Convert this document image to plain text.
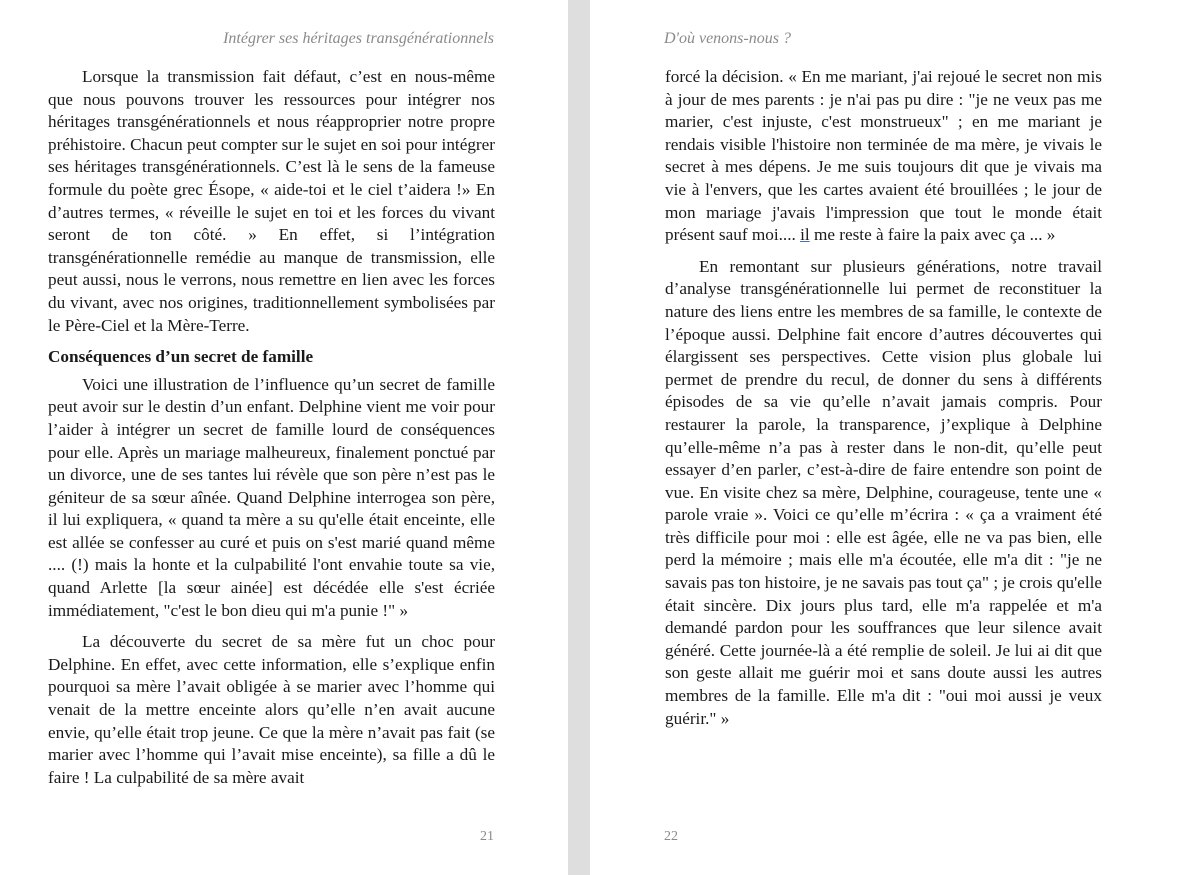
Intégrer ses héritages transgénérationnels

Lorsque la transmission fait défaut, c’est en nous-même que nous pouvons trouver les ressources pour intégrer nos héritages transgénérationnels et nous réapproprier notre propre préhistoire. Chacun peut compter sur le sujet en soi pour intégrer ses héritages transgénérationnels. C’est là le sens de la fameuse formule du poète grec Ésope, « aide-toi et le ciel t’aidera !» En d’autres termes, « réveille le sujet en toi et les forces du vivant seront de ton côté. » En effet, si l’intégration transgénérationnelle remédie au manque de transmission, elle peut aussi, nous le verrons, nous remettre en lien avec les forces du vivant, avec nos origines, traditionnellement symbolisées par le Père-Ciel et la Mère-Terre.

Conséquences d’un secret de famille

Voici une illustration de l’influence qu’un secret de famille peut avoir sur le destin d’un enfant. Delphine vient me voir pour l’aider à intégrer un secret de famille lourd de conséquences pour elle. Après un mariage malheureux, finalement ponctué par un divorce, une de ses tantes lui révèle que son père n’est pas le géniteur de sa sœur aînée. Quand Delphine interrogea son père, il lui expliquera, « quand ta mère a su qu'elle était enceinte, elle est allée se confesser au curé et puis on s'est marié quand même .... (!) mais la honte et la culpabilité l'ont envahie toute sa vie, quand Arlette [la sœur ainée] est décédée elle s'est écriée immédiatement, "c'est le bon dieu qui m'a punie !" »

La découverte du secret de sa mère fut un choc pour Delphine. En effet, avec cette information, elle s’explique enfin pourquoi sa mère l’avait obligée à se marier avec l’homme qui venait de la mettre enceinte alors qu’elle n’en avait aucune envie, qu’elle était trop jeune. Ce que la mère n’avait pas fait (se marier avec l’homme qui l’avait mise enceinte), sa fille a dû le faire ! La culpabilité de sa mère avait

21
D'où venons-nous ?

forcé la décision. « En me mariant, j'ai rejoué le secret non mis à jour de mes parents : je n'ai pas pu dire : "je ne veux pas me marier, c'est injuste, c'est monstrueux" ; en me mariant je rendais visible l'histoire non terminée de ma mère, je vivais le secret à mes dépens. Je me suis toujours dit que je vivais ma vie à l'envers, que les cartes avaient été brouillées ; le jour de mon mariage j'avais l'impression que tout le monde était présent sauf moi.... il me reste à faire la paix avec ça ... »

En remontant sur plusieurs générations, notre travail d’analyse transgénérationnelle lui permet de reconstituer la nature des liens entre les membres de sa famille, le contexte de l’époque aussi. Delphine fait encore d’autres découvertes qui élargissent ses perspectives. Cette vision plus globale lui permet de prendre du recul, de donner du sens à différents épisodes de sa vie qu’elle n’avait jamais compris. Pour restaurer la parole, la transparence, j’explique à Delphine qu’elle-même n’a pas à rester dans le non-dit, qu’elle peut essayer d’en parler, c’est-à-dire de faire entendre son point de vue. En visite chez sa mère, Delphine, courageuse, tente une « parole vraie ». Voici ce qu’elle m’écrira : « ça a vraiment été très difficile pour moi : elle est âgée, elle ne va pas bien, elle perd la mémoire ; mais elle m'a écoutée, elle m'a dit : "je ne savais pas ton histoire, je ne savais pas tout ça" ; je crois qu'elle était sincère. Dix jours plus tard, elle m'a rappelée et m'a demandé pardon pour les souffrances que leur silence avait généré. Cette journée-là a été remplie de soleil. Je lui ai dit que son geste allait me guérir moi et sans doute aussi les autres membres de la famille. Elle m'a dit : "oui moi aussi je veux guérir." »

22
